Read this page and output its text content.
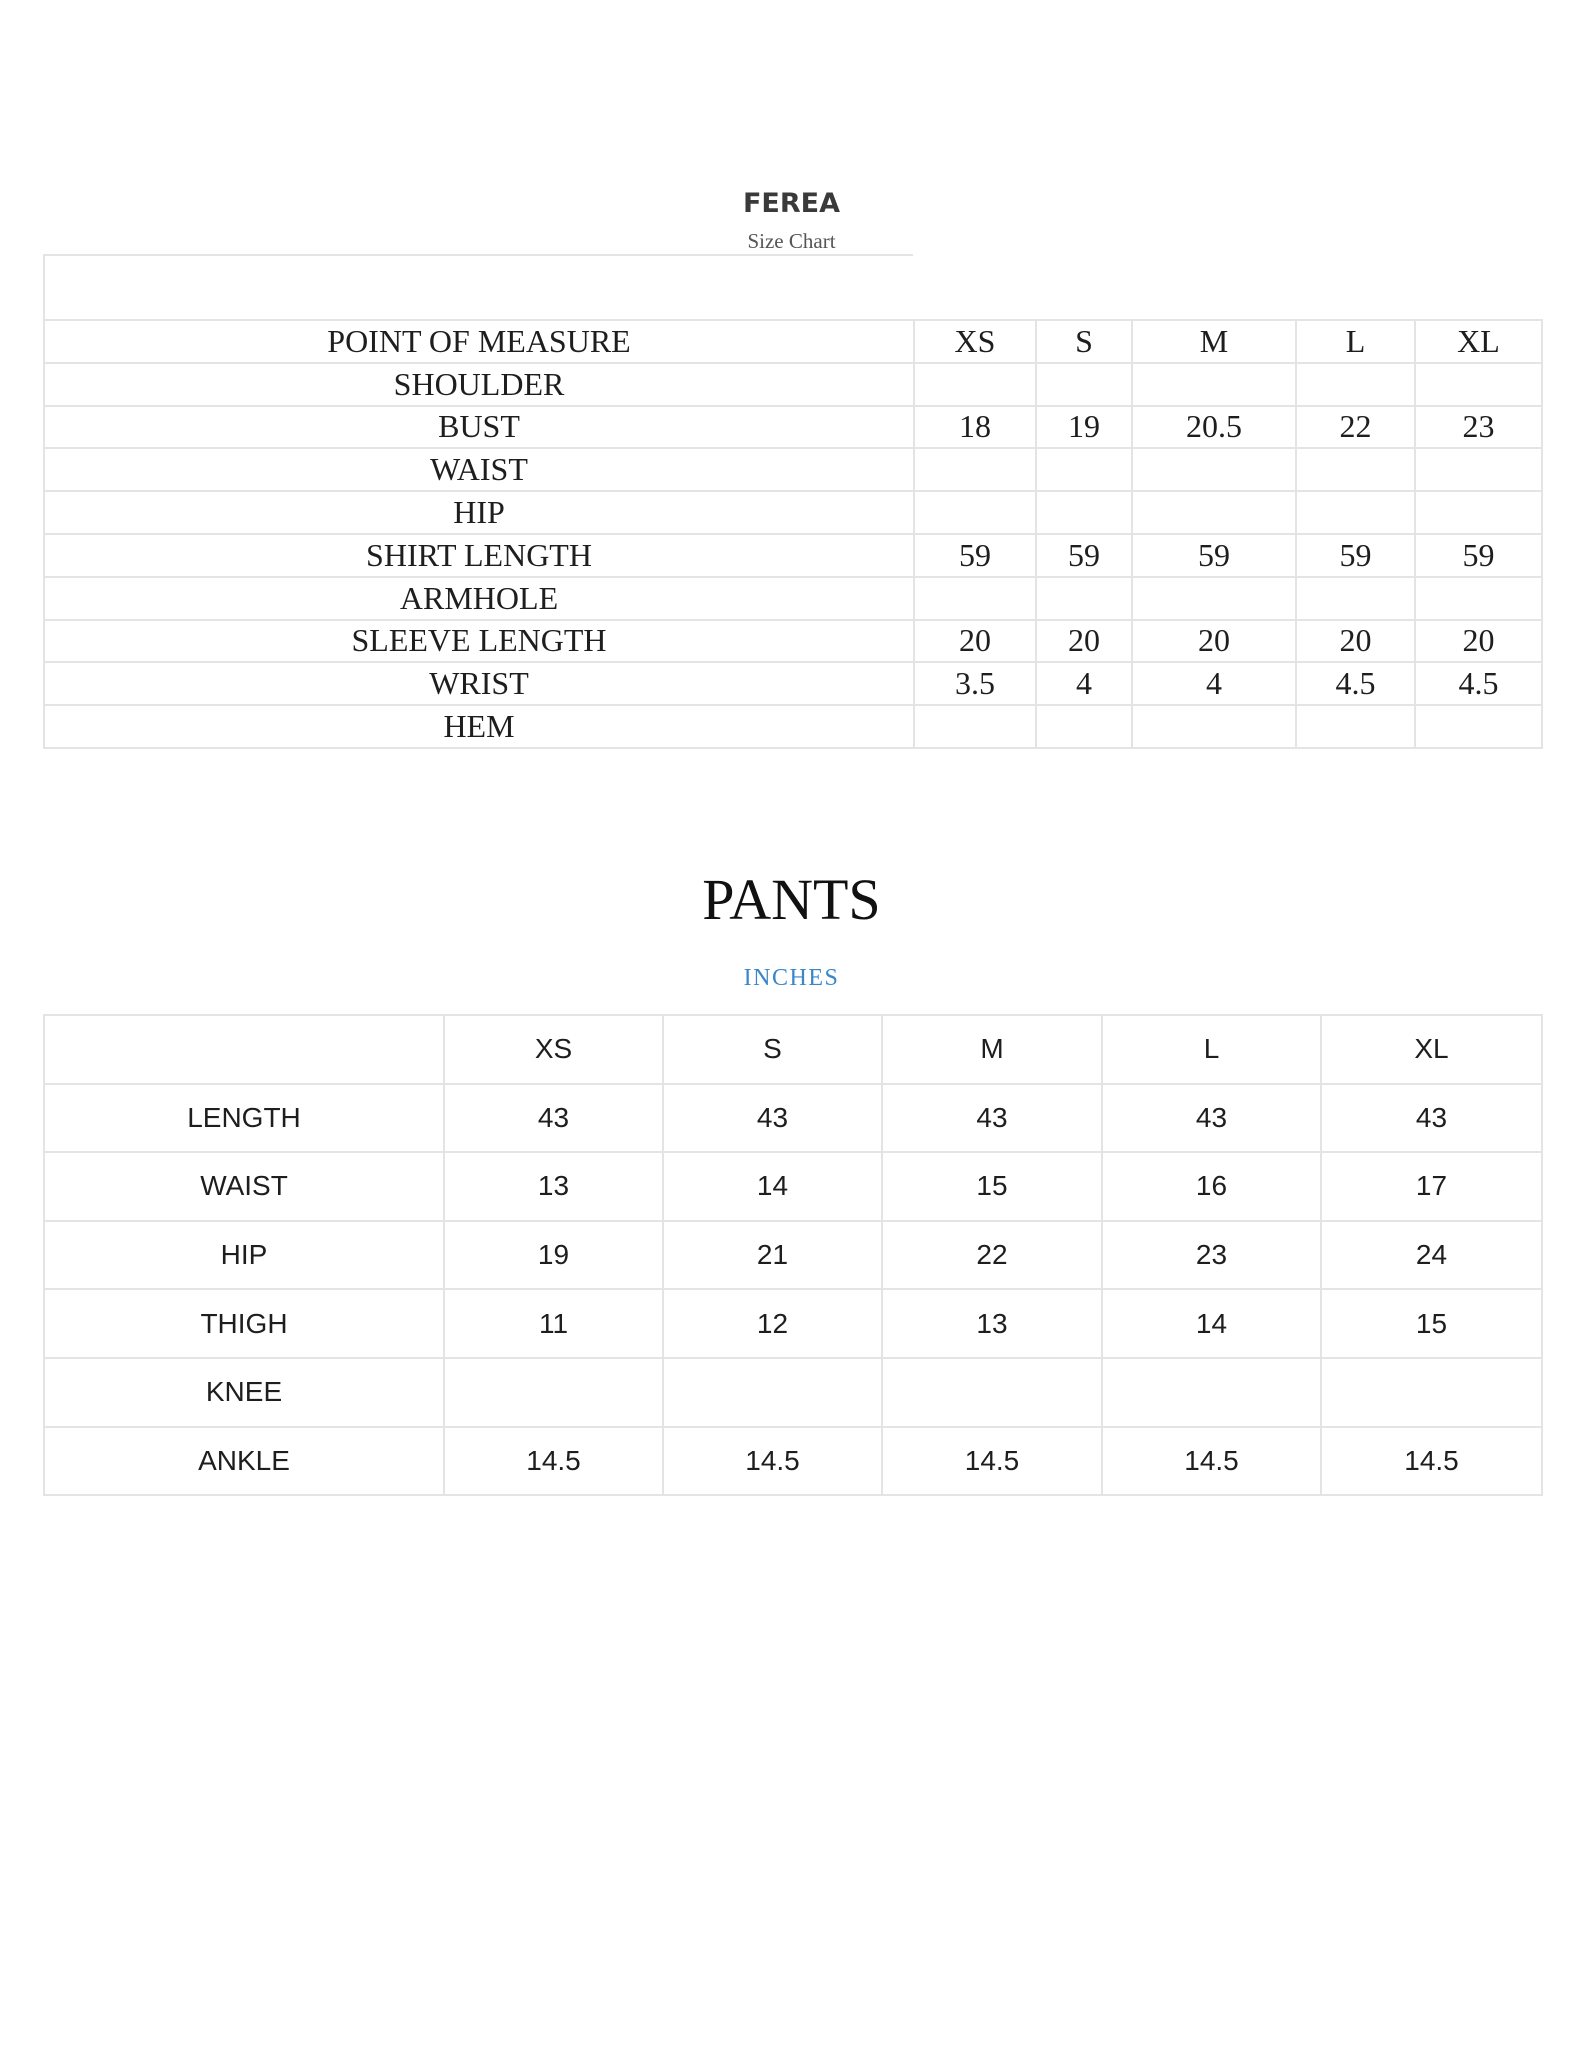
FEREA
Size Chart
POINT OF MEASURE	XS	S	M	L	XL
SHOULDER					
BUST	18	19	20.5	22	23
WAIST					
HIP					
SHIRT LENGTH	59	59	59	59	59
ARMHOLE					
SLEEVE LENGTH	20	20	20	20	20
WRIST	3.5	4	4	4.5	4.5
HEM					
PANTS
INCHES
	XS	S	M	L	XL
LENGTH	43	43	43	43	43
WAIST	13	14	15	16	17
HIP	19	21	22	23	24
THIGH	11	12	13	14	15
KNEE					
ANKLE	14.5	14.5	14.5	14.5	14.5
